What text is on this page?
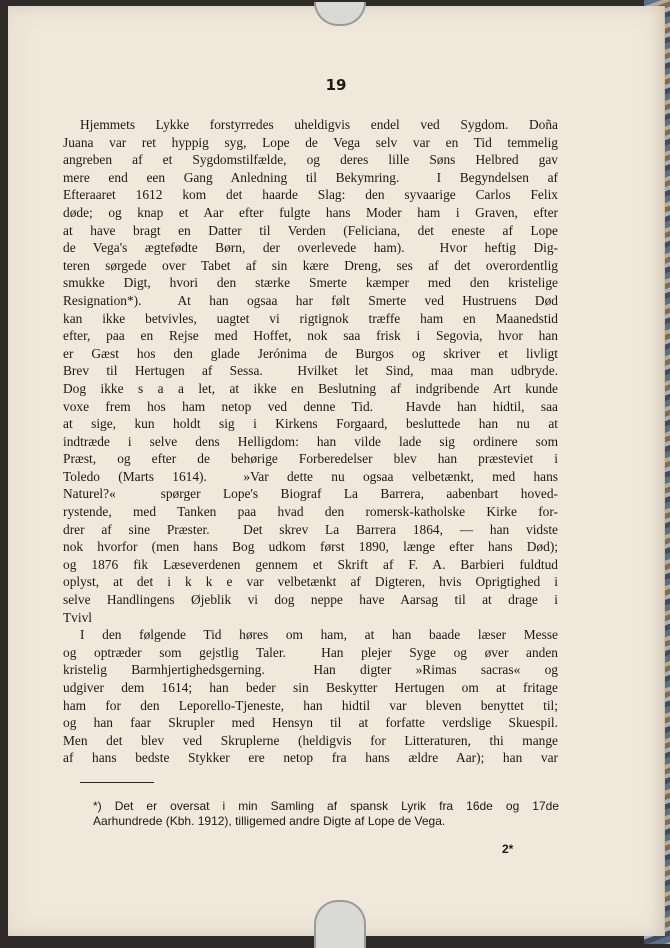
19
Hjemmets Lykke forstyrredes uheldigvis endel ved Sygdom. Doña
Juana var ret hyppig syg, Lope de Vega selv var en Tid temmelig
angreben af et Sygdomstilfælde, og deres lille Søns Helbred gav
mere end een Gang Anledning til Bekymring.  I Begyndelsen af
Efteraaret 1612 kom det haarde Slag: den syvaarige Carlos Felix
døde; og knap et Aar efter fulgte hans Moder ham i Graven, efter
at have bragt en Datter til Verden (Feliciana, det eneste af Lope
de Vega's ægtefødte Børn, der overlevede ham).  Hvor heftig Dig-
teren sørgede over Tabet af sin kære Dreng, ses af det overordentlig
smukke Digt, hvori den stærke Smerte kæmper med den kristelige
Resignation*).  At han ogsaa har følt Smerte ved Hustruens Død
kan ikke betvivles, uagtet vi rigtignok træffe ham en Maanedstid
efter, paa en Rejse med Hoffet, nok saa frisk i Segovia, hvor han
er Gæst hos den glade Jerónima de Burgos og skriver et livligt
Brev til Hertugen af Sessa.  Hvilket let Sind, maa man udbryde.
Dog ikke s a a let, at ikke en Beslutning af indgribende Art kunde
voxe frem hos ham netop ved denne Tid.  Havde han hidtil, saa
at sige, kun holdt sig i Kirkens Forgaard, besluttede han nu at
indtræde i selve dens Helligdom: han vilde lade sig ordinere som
Præst, og efter de behørige Forberedelser blev han præsteviet i
Toledo (Marts 1614).  »Var dette nu ogsaa velbetænkt, med hans
Naturel?«  spørger Lope's Biograf La Barrera, aabenbart hoved-
rystende, med Tanken paa hvad den romersk-katholske Kirke for-
drer af sine Præster.  Det skrev La Barrera 1864, — han vidste
nok hvorfor (men hans Bog udkom først 1890, længe efter hans Død);
og 1876 fik Læseverdenen gennem et Skrift af F. A. Barbieri fuldtud
oplyst, at det i k k e var velbetænkt af Digteren, hvis Oprigtighed i
selve Handlingens Øjeblik vi dog neppe have Aarsag til at drage i
Tvivl
I den følgende Tid høres om ham, at han baade læser Messe
og optræder som gejstlig Taler.  Han plejer Syge og øver anden
kristelig Barmhjertighedsgerning.  Han digter »Rimas sacras« og
udgiver dem 1614; han beder sin Beskytter Hertugen om at fritage
ham for den Leporello-Tjeneste, han hidtil var bleven benyttet til;
og han faar Skrupler med Hensyn til at forfatte verdslige Skuespil.
Men det blev ved Skruplerne (heldigvis for Litteraturen, thi mange
af hans bedste Stykker ere netop fra hans ældre Aar); han var
*) Det er oversat i min Samling af spansk Lyrik fra 16de og 17de
Aarhundrede (Kbh. 1912), tilligemed andre Digte af Lope de Vega.
2*
